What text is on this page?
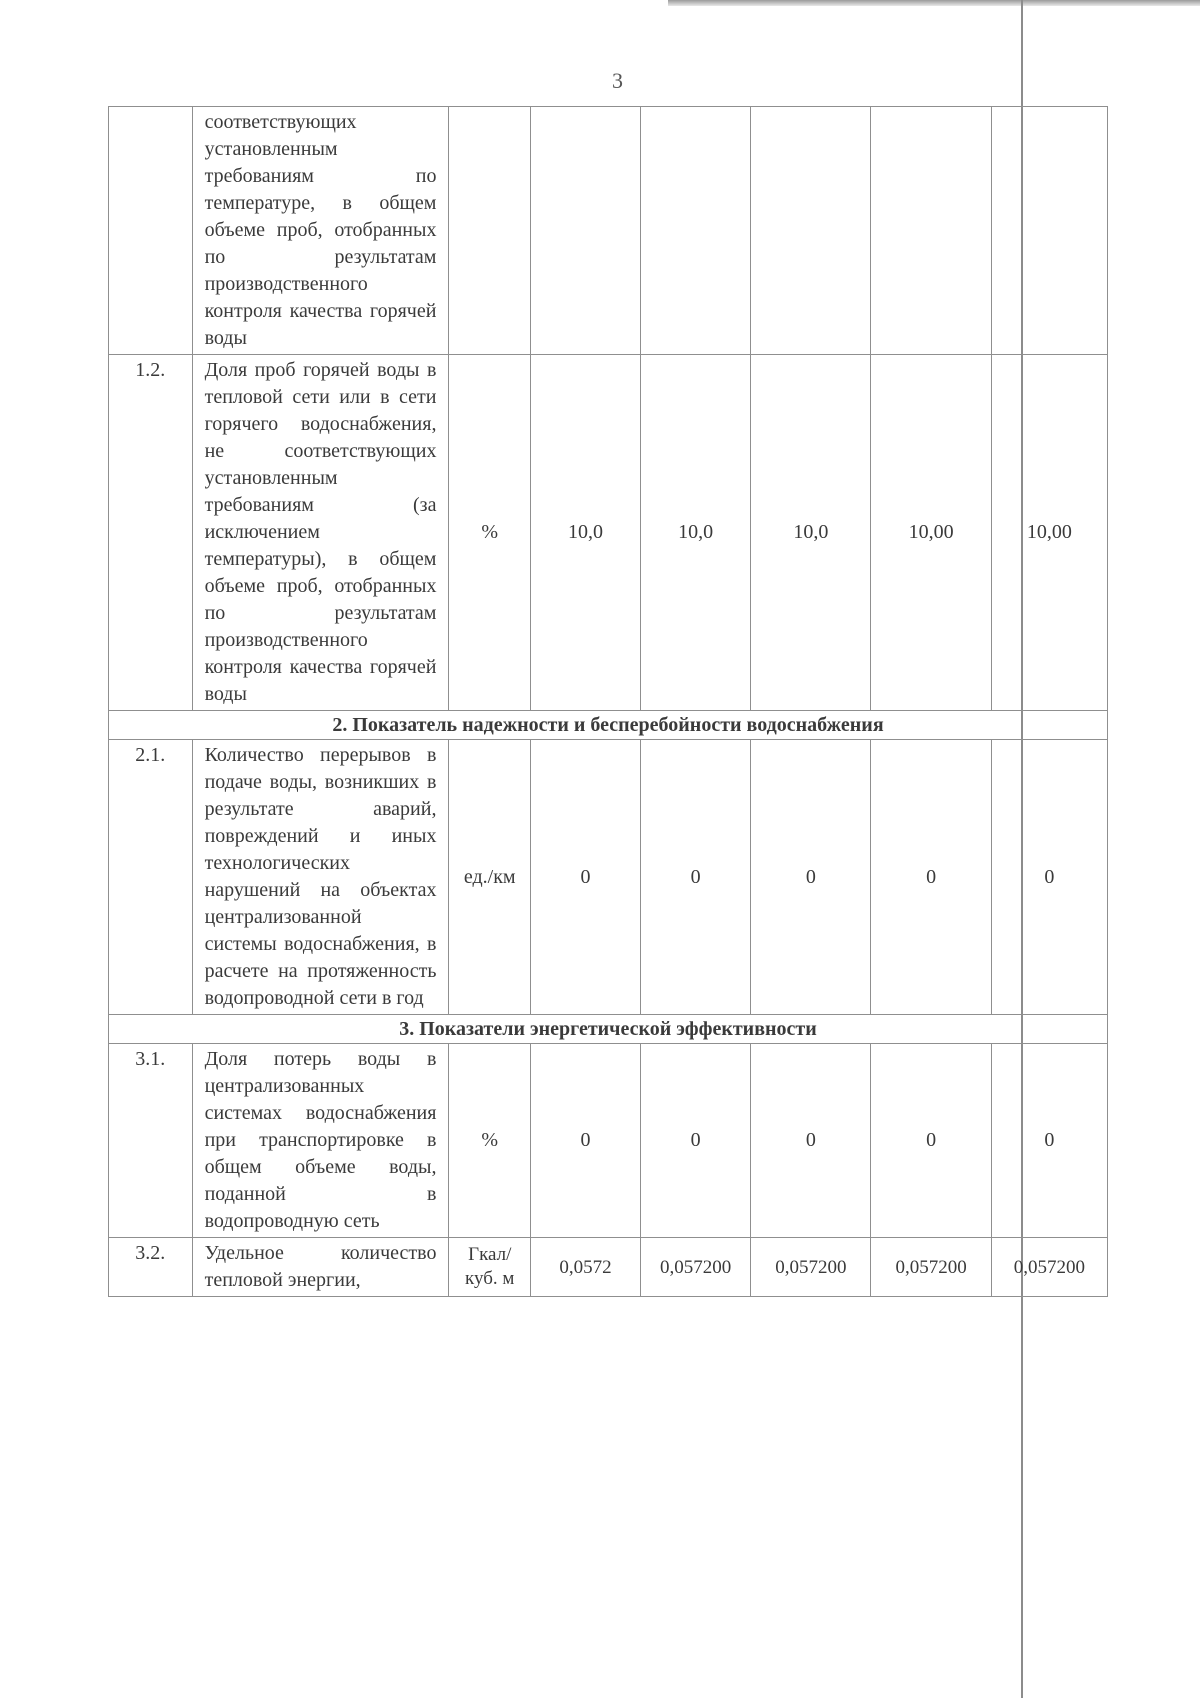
3
	соответствующих установленным требованиям по температуре, в общем объеме проб, отобранных по результатам производственного контроля качества горячей воды						
1.2.	Доля проб горячей воды в тепловой сети или в сети горячего водоснабжения, не соответствующих установленным требованиям (за исключением температуры), в общем объеме проб, отобранных по результатам производственного контроля качества горячей воды	%	10,0	10,0	10,0	10,00	10,00
2. Показатель надежности и бесперебойности водоснабжения							
2.1.	Количество перерывов в подаче воды, возникших в результате аварий, повреждений и иных технологических нарушений на объектах централизованной системы водоснабжения, в расчете на протяженность водопроводной сети в год	ед./км	0	0	0	0	0
3. Показатели энергетической эффективности							
3.1.	Доля потерь воды в централизованных системах водоснабжения при транспортировке в общем объеме воды, поданной в водопроводную сеть	%	0	0	0	0	0
3.2.	Удельное количество тепловой энергии,	Гкал/ куб. м	0,0572	0,057200	0,057200	0,057200	0,057200
